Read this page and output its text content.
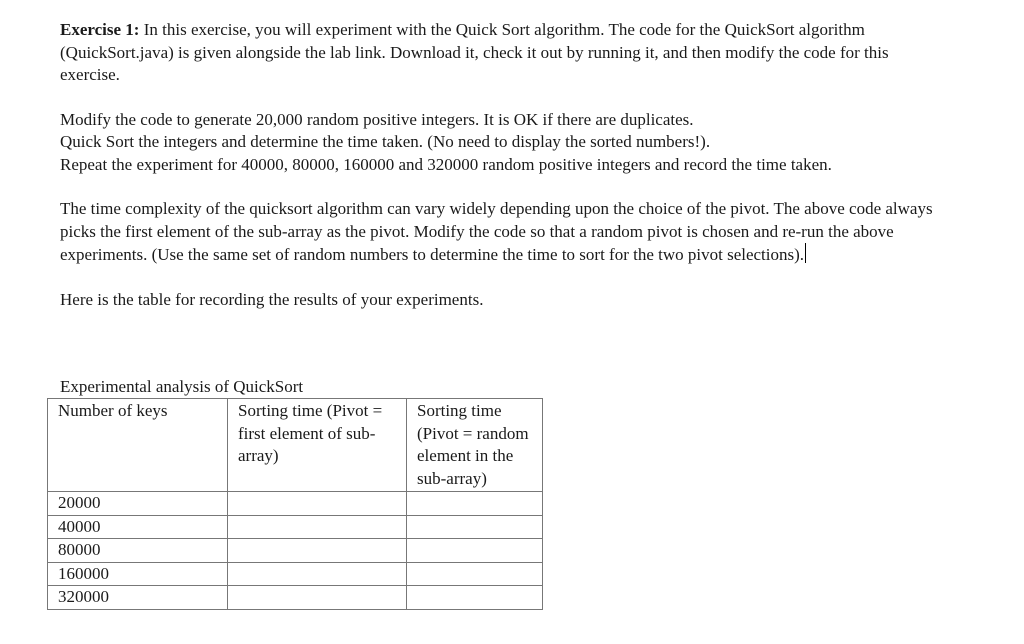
Exercise 1: In this exercise, you will experiment with the Quick Sort algorithm. The code for the QuickSort algorithm (QuickSort.java) is given alongside the lab link. Download it, check it out by running it, and then modify the code for this exercise.

Modify the code to generate 20,000 random positive integers. It is OK if there are duplicates.
Quick Sort the integers and determine the time taken. (No need to display the sorted numbers!).
Repeat the experiment for 40000, 80000, 160000 and 320000 random positive integers and record the time taken.

The time complexity of the quicksort algorithm can vary widely depending upon the choice of the pivot. The above code always picks the first element of the sub-array as the pivot. Modify the code so that a random pivot is chosen and re-run the above experiments. (Use the same set of random numbers to determine the time to sort for the two pivot selections).

Here is the table for recording the results of your experiments.

Experimental analysis of QuickSort
Number of keys	Sorting time (Pivot = first element of sub-array)	Sorting time (Pivot = random element in the sub-array)
20000		
40000		
80000		
160000		
320000		
